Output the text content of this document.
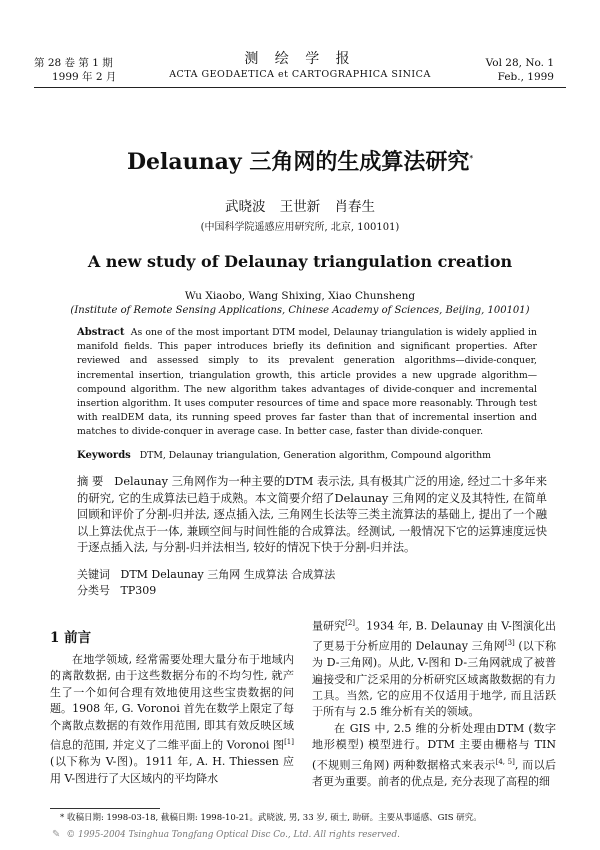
第 28 卷 第 1 期
1999 年 2 月
测 绘 学 报
ACTA GEODAETICA et CARTOGRAPHICA SINICA
Vol 28, No. 1
Feb., 1999
Delaunay 三角网的生成算法研究*
武晓波 王世新 肖春生
(中国科学院遥感应用研究所, 北京, 100101)
A new study of Delaunay triangulation creation
Wu Xiaobo, Wang Shixing, Xiao Chunsheng
(Institute of Remote Sensing Applications, Chinese Academy of Sciences, Beijing, 100101)
Abstract As one of the most important DTM model, Delaunay triangulation is widely applied in manifold fields. This paper introduces briefly its definition and significant properties. After reviewed and assessed simply to its prevalent generation algorithms—divide-conquer, incremental insertion, triangulation growth, this article provides a new upgrade algorithm—compound algorithm. The new algorithm takes advantages of divide-conquer and incremental insertion algorithm. It uses computer resources of time and space more reasonably. Through test with realDEM data, its running speed proves far faster than that of incremental insertion and matches to divide-conquer in average case. In better case, faster than divide-conquer.
Keywords DTM, Delaunay triangulation, Generation algorithm, Compound algorithm
摘 要 Delaunay 三角网作为一种主要的DTM 表示法, 具有极其广泛的用途, 经过二十多年来的研究, 它的生成算法已趋于成熟。本文简要介绍了Delaunay 三角网的定义及其特性, 在简单回顾和评价了分割-归并法, 逐点插入法, 三角网生长法等三类主流算法的基础上, 提出了一个融以上算法优点于一体, 兼顾空间与时间性能的合成算法。经测试, 一般情况下它的运算速度远快于逐点插入法, 与分割-归并法相当, 较好的情况下快于分割-归并法。
关键词 DTM Delaunay 三角网 生成算法 合成算法
分类号 TP309
1 前言

在地学领域, 经常需要处理大量分布于地域内的离散数据, 由于这些数据分布的不均匀性, 就产生了一个如何合理有效地使用这些宝贵数据的问题。1908 年, G. Voronoi 首先在数学上限定了每个离散点数据的有效作用范围, 即其有效反映区域信息的范围, 并定义了二维平面上的 Voronoi 图[1] (以下称为 V-图)。1911 年, A. H. Thiessen 应用 V-图进行了大区域内的平均降水

量研究[2]。1934 年, B. Delaunay 由 V-图演化出了更易于分析应用的 Delaunay 三角网[3] (以下称为 D-三角网)。从此, V-图和 D-三角网就成了被普遍接受和广泛采用的分析研究区域离散数据的有力工具。当然, 它的应用不仅适用于地学, 而且活跃于所有与 2.5 维分析有关的领域。

在 GIS 中, 2.5 维的分析处理由DTM (数字地形模型) 模型进行。DTM 主要由栅格与 TIN (不规则三角网) 两种数据格式来表示[4, 5], 而以后者更为重要。前者的优点是, 充分表现了高程的细

* 收稿日期: 1998-03-18, 截稿日期: 1998-10-21。武晓波, 男, 33 岁, 硕士, 助研。主要从事遥感、GIS 研究。
✎ © 1995-2004 Tsinghua Tongfang Optical Disc Co., Ltd. All rights reserved.
